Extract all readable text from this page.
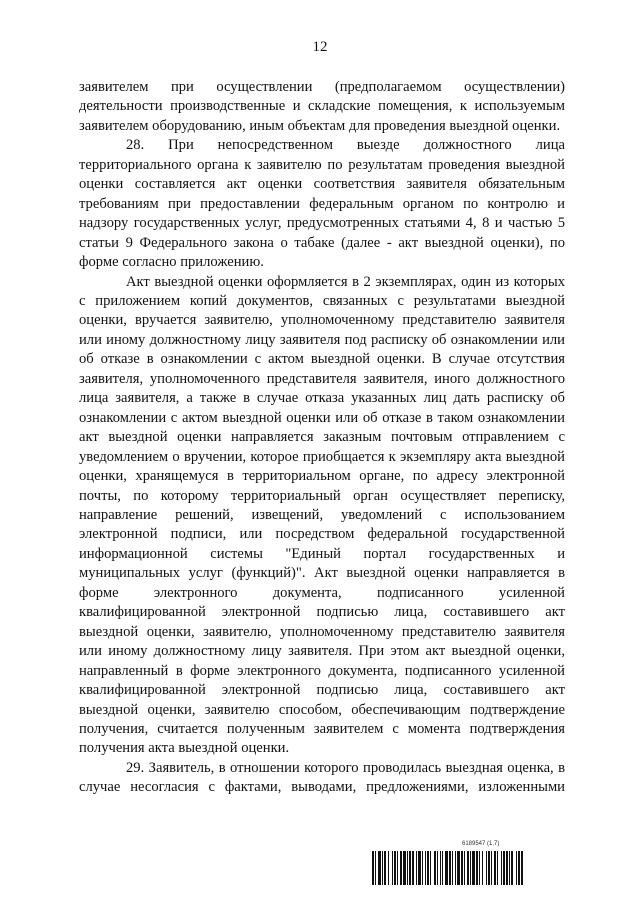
12

заявителем при осуществлении (предполагаемом осуществлении) деятельности производственные и складские помещения, к используемым заявителем оборудованию, иным объектам для проведения выездной оценки.

28. При непосредственном выезде должностного лица территориального органа к заявителю по результатам проведения выездной оценки составляется акт оценки соответствия заявителя обязательным требованиям при предоставлении федеральным органом по контролю и надзору государственных услуг, предусмотренных статьями 4, 8 и частью 5 статьи 9 Федерального закона о табаке (далее - акт выездной оценки), по форме согласно приложению.

Акт выездной оценки оформляется в 2 экземплярах, один из которых с приложением копий документов, связанных с результатами выездной оценки, вручается заявителю, уполномоченному представителю заявителя или иному должностному лицу заявителя под расписку об ознакомлении или об отказе в ознакомлении с актом выездной оценки. В случае отсутствия заявителя, уполномоченного представителя заявителя, иного должностного лица заявителя, а также в случае отказа указанных лиц дать расписку об ознакомлении с актом выездной оценки или об отказе в таком ознакомлении акт выездной оценки направляется заказным почтовым отправлением с уведомлением о вручении, которое приобщается к экземпляру акта выездной оценки, хранящемуся в территориальном органе, по адресу электронной почты, по которому территориальный орган осуществляет переписку, направление решений, извещений, уведомлений с использованием электронной подписи, или посредством федеральной государственной информационной системы "Единый портал государственных и муниципальных услуг (функций)". Акт выездной оценки направляется в форме электронного документа, подписанного усиленной квалифицированной электронной подписью лица, составившего акт выездной оценки, заявителю, уполномоченному представителю заявителя или иному должностному лицу заявителя. При этом акт выездной оценки, направленный в форме электронного документа, подписанного усиленной квалифицированной электронной подписью лица, составившего акт выездной оценки, заявителю способом, обеспечивающим подтверждение получения, считается полученным заявителем с момента подтверждения получения акта выездной оценки.

29. Заявитель, в отношении которого проводилась выездная оценка, в случае несогласия с фактами, выводами, предложениями, изложенными

6189547 (1.7)
